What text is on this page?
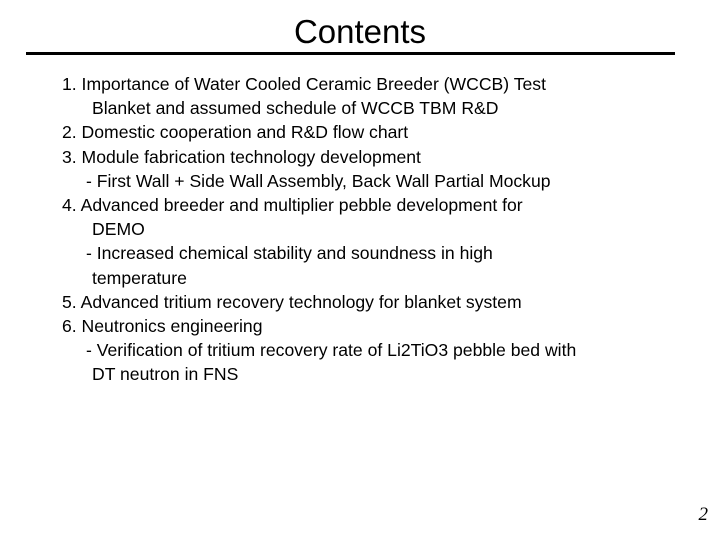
Contents
1. Importance of Water Cooled Ceramic Breeder (WCCB) Test
Blanket and assumed schedule of WCCB TBM R&D
2. Domestic cooperation and R&D flow chart
3. Module fabrication technology development
- First Wall + Side Wall Assembly, Back Wall Partial Mockup
4. Advanced breeder and multiplier pebble development for
DEMO
- Increased chemical stability and soundness in high
temperature
5. Advanced tritium recovery technology for blanket system
6. Neutronics engineering
- Verification of tritium recovery rate of Li2TiO3 pebble bed with
DT neutron in FNS
2
